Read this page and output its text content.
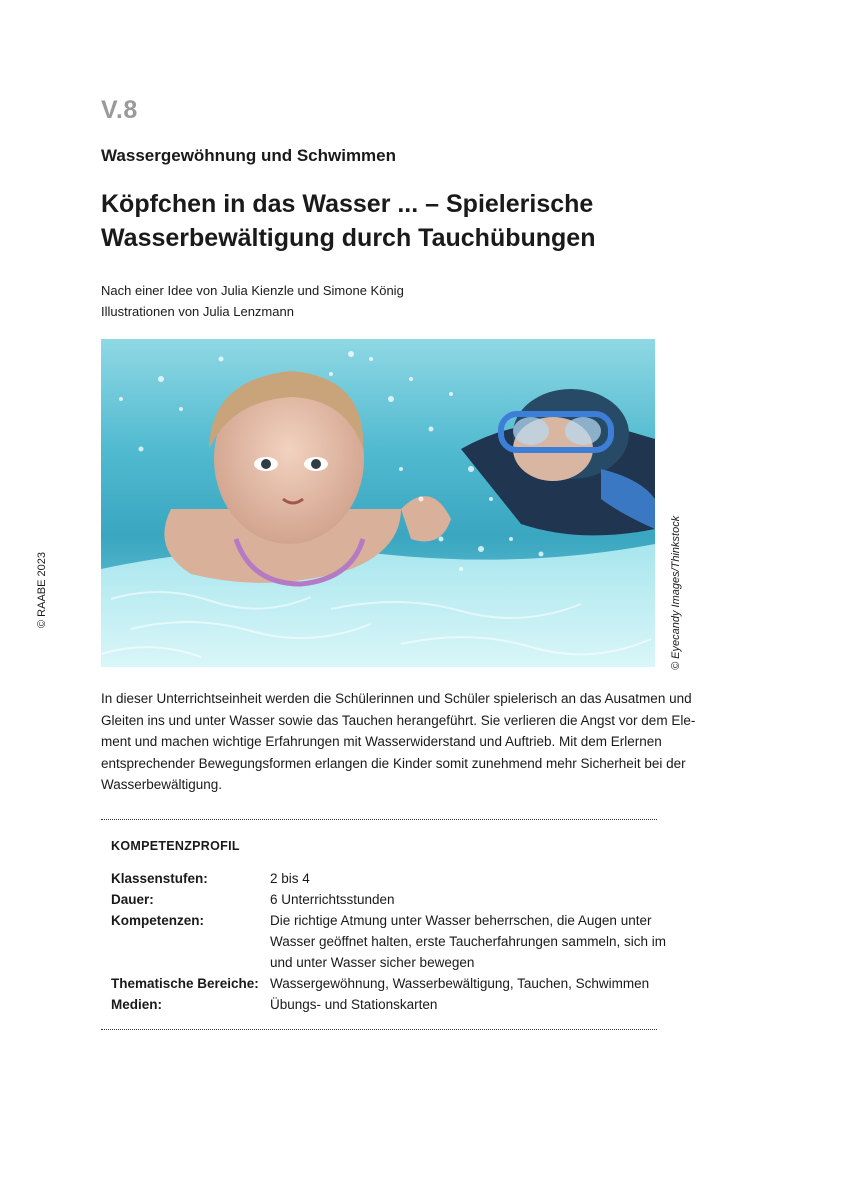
V.8
Wassergewöhnung und Schwimmen
Köpfchen in das Wasser ... – Spielerische
Wasserbewältigung durch Tauchübungen
Nach einer Idee von Julia Kienzle und Simone König
Illustrationen von Julia Lenzmann
© Eyecandy Images/Thinkstock
© RAABE 2023
In dieser Unterrichtseinheit werden die Schülerinnen und Schüler spielerisch an das Ausatmen und
Gleiten ins und unter Wasser sowie das Tauchen herangeführt. Sie verlieren die Angst vor dem Ele-
ment und machen wichtige Erfahrungen mit Wasserwiderstand und Auftrieb. Mit dem Erlernen
entsprechender Bewegungsformen erlangen die Kinder somit zunehmend mehr Sicherheit bei der
Wasserbewältigung.
KOMPETENZPROFIL
Klassenstufen:	2 bis 4
Dauer:	6 Unterrichtsstunden
Kompetenzen:	Die richtige Atmung unter Wasser beherrschen, die Augen unter
Wasser geöffnet halten, erste Taucherfahrungen sammeln, sich im
und unter Wasser sicher bewegen
Thematische Bereiche: Wassergewöhnung, Wasserbewältigung, Tauchen, Schwimmen
Medien:	Übungs- und Stationskarten
